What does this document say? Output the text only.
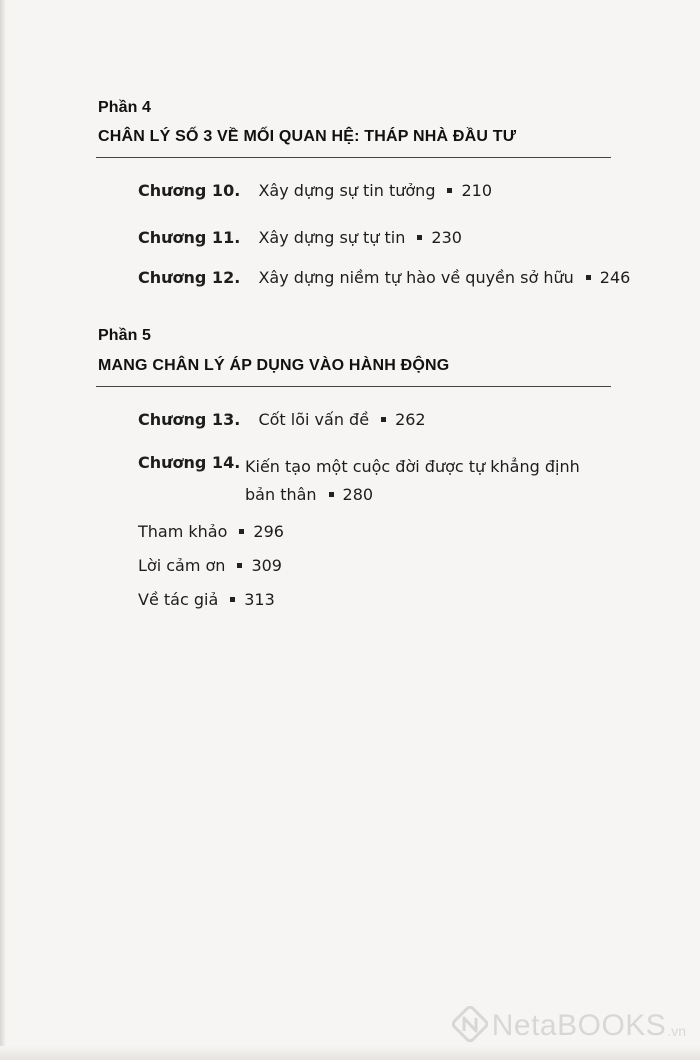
Phần 4
CHÂN LÝ SỐ 3 VỀ MỐI QUAN HỆ: THÁP NHÀ ĐẦU TƯ
Chương 10. Xây dựng sự tin tưởng 210
Chương 11. Xây dựng sự tự tin 230
Chương 12. Xây dựng niềm tự hào về quyền sở hữu 246
Phần 5
MANG CHÂN LÝ ÁP DỤNG VÀO HÀNH ĐỘNG
Chương 13. Cốt lõi vấn đề 262
Chương 14. Kiến tạo một cuộc đời được tự khẳng định
bản thân 280
Tham khảo 296
Lời cảm ơn 309
Về tác giả 313
NetaBOOKS .vn
